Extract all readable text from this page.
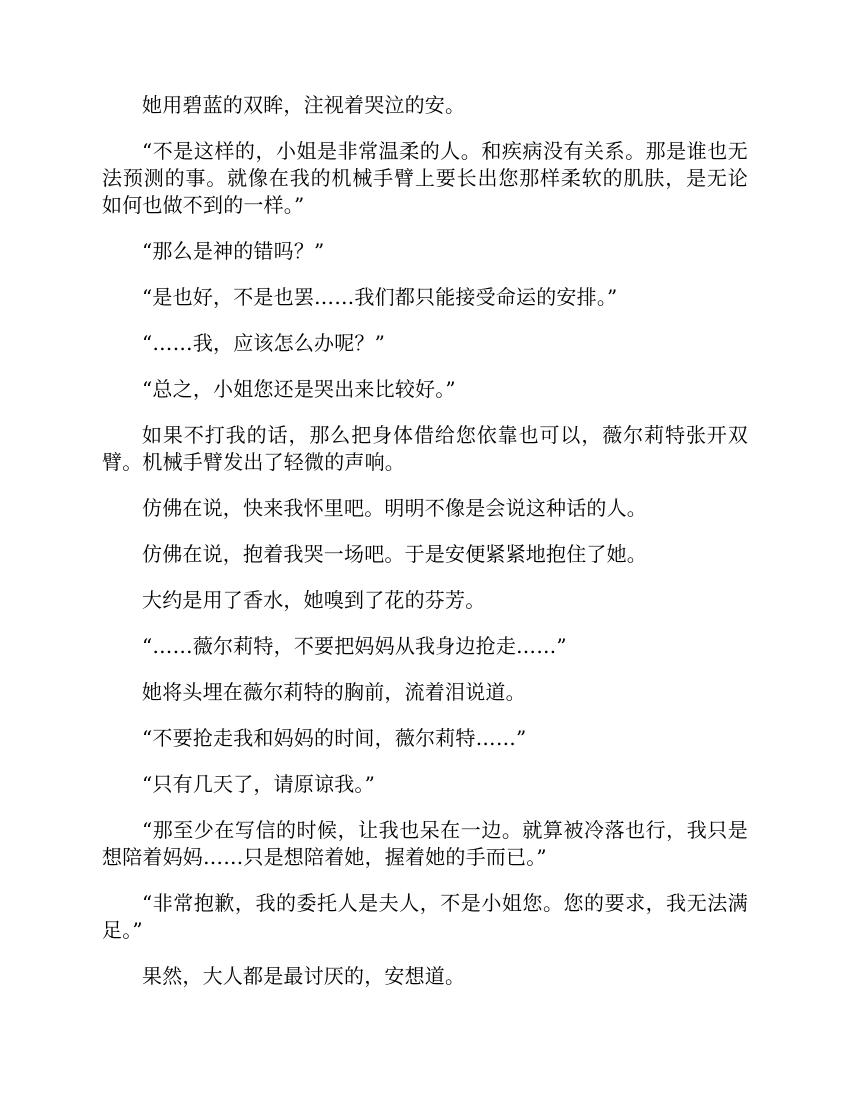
她用碧蓝的双眸，注视着哭泣的安。

“不是这样的，小姐是非常温柔的人。和疾病没有关系。那是谁也无法预测的事。就像在我的机械手臂上要长出您那样柔软的肌肤，是无论如何也做不到的一样。”

“那么是神的错吗？”

“是也好，不是也罢……我们都只能接受命运的安排。”

“……我，应该怎么办呢？”

“总之，小姐您还是哭出来比较好。”

如果不打我的话，那么把身体借给您依靠也可以，薇尔莉特张开双臂。机械手臂发出了轻微的声响。

仿佛在说，快来我怀里吧。明明不像是会说这种话的人。

仿佛在说，抱着我哭一场吧。于是安便紧紧地抱住了她。

大约是用了香水，她嗅到了花的芬芳。

“……薇尔莉特，不要把妈妈从我身边抢走……”

她将头埋在薇尔莉特的胸前，流着泪说道。

“不要抢走我和妈妈的时间，薇尔莉特……”

“只有几天了，请原谅我。”

“那至少在写信的时候，让我也呆在一边。就算被冷落也行，我只是想陪着妈妈……只是想陪着她，握着她的手而已。”

“非常抱歉，我的委托人是夫人，不是小姐您。您的要求，我无法满足。”

果然，大人都是最讨厌的，安想道。
